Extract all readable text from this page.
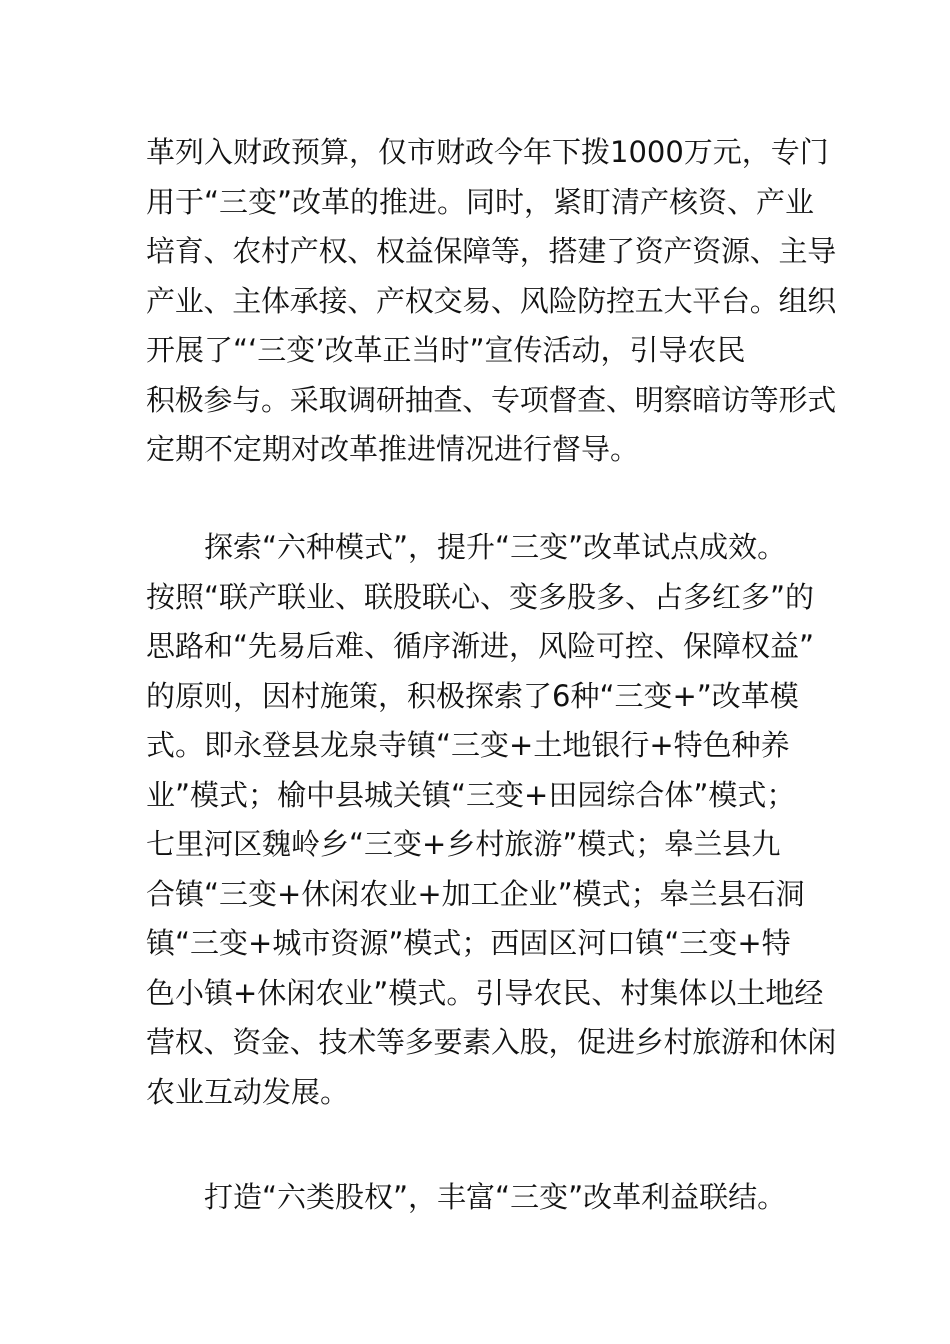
革列入财政预算，仅市财政今年下拨1000万元，专门
用于“三变”改革的推进。同时，紧盯清产核资、产业
培育、农村产权、权益保障等，搭建了资产资源、主导
产业、主体承接、产权交易、风险防控五大平台。组织
开展了“‘三变’改革正当时”宣传活动，引导农民
积极参与。采取调研抽查、专项督查、明察暗访等形式
定期不定期对改革推进情况进行督导。
探索“六种模式”，提升“三变”改革试点成效。
按照“联产联业、联股联心、变多股多、占多红多”的
思路和“先易后难、循序渐进，风险可控、保障权益”
的原则，因村施策，积极探索了6种“三变+”改革模
式。即永登县龙泉寺镇“三变+土地银行+特色种养
业”模式；榆中县城关镇“三变+田园综合体”模式；
七里河区魏岭乡“三变+乡村旅游”模式；皋兰县九
合镇“三变+休闲农业+加工企业”模式；皋兰县石洞
镇“三变+城市资源”模式；西固区河口镇“三变+特
色小镇+休闲农业”模式。引导农民、村集体以土地经
营权、资金、技术等多要素入股，促进乡村旅游和休闲
农业互动发展。
打造“六类股权”，丰富“三变”改革利益联结。
